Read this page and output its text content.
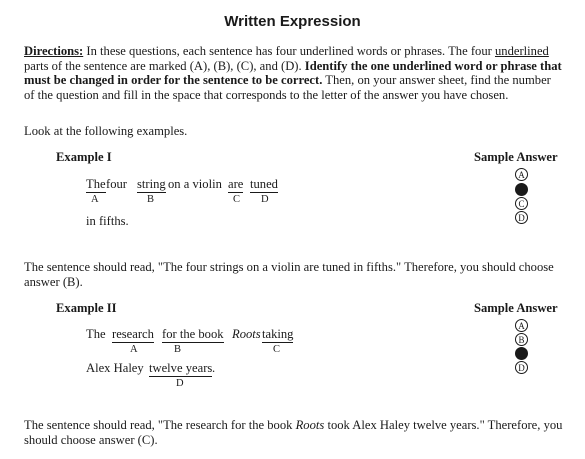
Written Expression
Directions: In these questions, each sentence has four underlined words or phrases. The four underlined parts of the sentence are marked (A), (B), (C), and (D). Identify the one underlined word or phrase that must be changed in order for the sentence to be correct. Then, on your answer sheet, find the number of the question and fill in the space that corresponds to the letter of the answer you have chosen.
Look at the following examples.
Example I	Sample Answer
The four string on a violin are tuned
A	B	C D
in fifths.
A
B
C
D
The sentence should read, "The four strings on a violin are tuned in fifths." Therefore, you should choose answer (B).
Example II	Sample Answer
The research for the book Roots taking
A	B	C
Alex Haley twelve years .
D
A
B
C
D
The sentence should read, "The research for the book Roots took Alex Haley twelve years." Therefore, you should choose answer (C).
